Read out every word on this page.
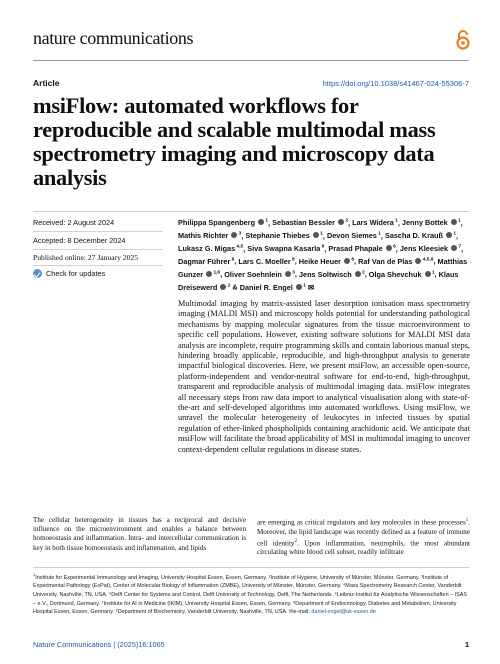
nature communications
Article	https://doi.org/10.1038/s41467-024-55306-7
msiFlow: automated workflows for reproducible and scalable multimodal mass spectrometry imaging and microscopy data analysis
Received: 2 August 2024
Accepted: 8 December 2024
Published online: 27 January 2025
Check for updates
Philippa Spangenberg  $^1$, Sebastian Bessler  $^2$, Lars Widera $^1$, Jenny Bottek  $^1$, Mathis Richter  $^3$, Stephanie Thiebes  $^1$, Devon Siemes $^1$, Sascha D. Krauß  $^1$, Lukasz G. Migas $^{4,5}$, Siva Swapna Kasarla $^6$, Prasad Phapale  $^6$, Jens Kleesiek  $^7$, Dagmar Führer $^8$, Lars C. Moeller $^8$, Heike Heuer  $^8$, Raf Van de Plas  $^{4,5,9}$, Matthias Gunzer  $^{1,6}$, Oliver Soehnlein  $^3$, Jens Soltwisch  $^2$, Olga Shevchuk  $^1$, Klaus Dreisewerd  $^2$ & Daniel R. Engel  $^1$ ✉

Multimodal imaging by matrix-assisted laser desorption ionisation mass spectrometry imaging (MALDI MSI) and microscopy holds potential for understanding pathological mechanisms by mapping molecular signatures from the tissue microenvironment to specific cell populations. However, existing software solutions for MALDI MSI data analysis are incomplete, require programming skills and contain laborious manual steps, hindering broadly applicable, reproducible, and high-throughput analysis to generate impactful biological discoveries. Here, we present msiFlow, an accessible open-source, platform-independent and vendor-neutral software for end-to-end, high-throughput, transparent and reproducible analysis of multimodal imaging data. msiFlow integrates all necessary steps from raw data import to analytical visualisation along with state-of-the-art and self-developed algorithms into automated workflows. Using msiFlow, we unravel the molecular heterogeneity of leukocytes in infected tissues by spatial regulation of ether-linked phospholipids containing arachidonic acid. We anticipate that msiFlow will facilitate the broad applicability of MSI in multimodal imaging to uncover context-dependent cellular regulations in disease states.

The cellular heterogeneity in tissues has a reciprocal and decisive influence on the microenvironment and enables a balance between homoeostasis and inflammation. Intra- and intercellular communication is key in both tissue homoeostasis and inflammation, and lipids

are emerging as critical regulators and key molecules in these processes$^1$. Moreover, the lipid landscape was recently defined as a feature of immune cell identity$^2$. Upon inflammation, neutrophils, the most abundant circulating white blood cell subset, readily infiltrate

$^1$Institute for Experimental Immunology and Imaging, University Hospital Essen, Essen, Germany. ²Institute of Hygiene, University of Münster, Münster, Germany. ³Institute of Experimental Pathology (ExPat), Center of Molecular Biology of Inflammation (ZMBE), University of Münster, Münster, Germany. ⁴Mass Spectrometry Research Center, Vanderbilt University, Nashville, TN, USA. ⁵Delft Center for Systems and Control, Delft University of Technology, Delft, The Netherlands. ⁶Leibniz-Institut für Analytische Wissenschaften – ISAS – e.V., Dortmund, Germany. ⁷Institute for AI in Medicine (IKIM), University Hospital Essen, Essen, Germany. ⁸Department of Endocrinology, Diabetes and Metabolism, University Hospital Essen, Essen, Germany. ⁹Department of Biochemistry, Vanderbilt University, Nashville, TN, USA. ✉e-mail: daniel.engel@uk-essen.de
Nature Communications | (2025)16:1065	1
